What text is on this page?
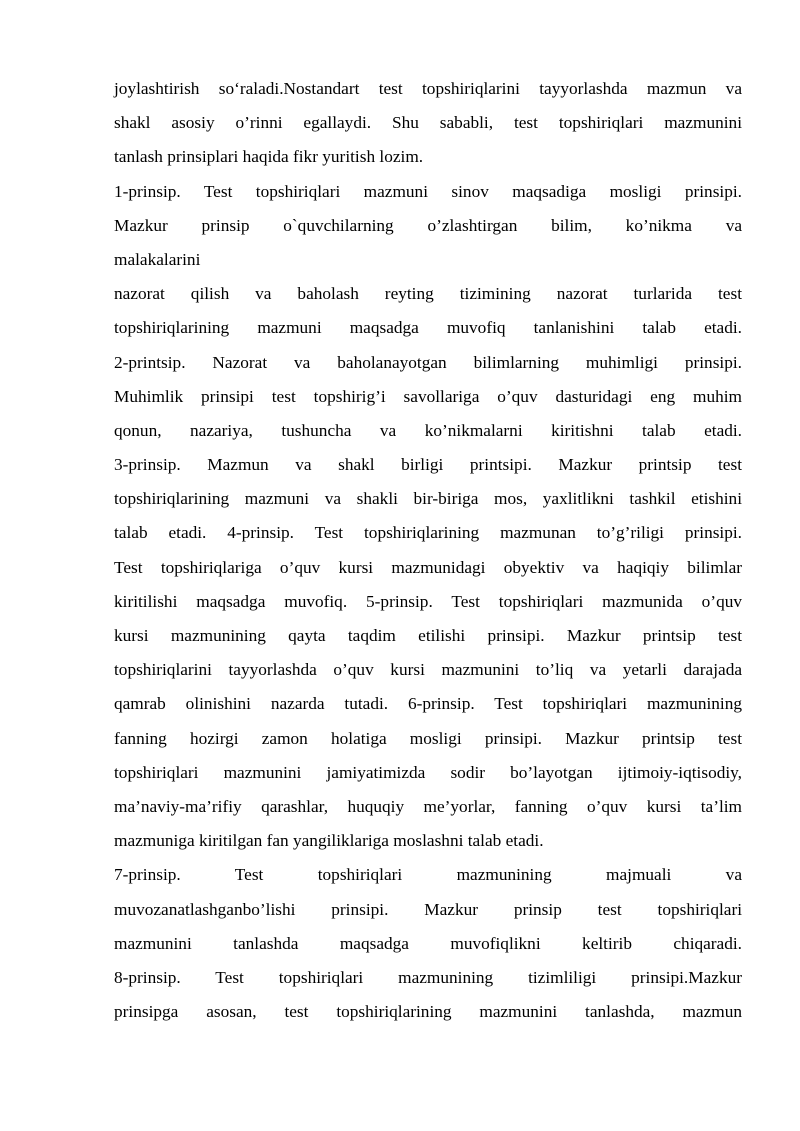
joylashtirish so‘raladi.Nostandart test topshiriqlarini tayyorlashda mazmun va
shakl asosiy o’rinni egallaydi. Shu sababli, test topshiriqlari mazmunini
tanlash prinsiplari haqida fikr yuritish lozim.
1-prinsip. Test topshiriqlari mazmuni sinov maqsadiga mosligi prinsipi.
Mazkur prinsip o`quvchilarning o’zlashtirgan bilim, ko’nikma va
malakalarini
nazorat qilish va baholash reyting tizimining nazorat turlarida test
topshiriqlarining mazmuni maqsadga muvofiq tanlanishini talab etadi.
2-printsip. Nazorat va baholanayotgan bilimlarning muhimligi prinsipi.
Muhimlik prinsipi test topshirig’i savollariga o’quv dasturidagi eng muhim
qonun, nazariya, tushuncha va ko’nikmalarni kiritishni talab etadi.
3-prinsip. Mazmun va shakl birligi printsipi. Mazkur printsip test
topshiriqlarining mazmuni va shakli bir-biriga mos, yaxlitlikni tashkil etishini
talab etadi. 4-prinsip. Test topshiriqlarining mazmunan to’g’riligi prinsipi.
Test topshiriqlariga o’quv kursi mazmunidagi obyektiv va haqiqiy bilimlar
kiritilishi maqsadga muvofiq. 5-prinsip. Test topshiriqlari mazmunida o’quv
kursi mazmunining qayta taqdim etilishi prinsipi. Mazkur printsip test
topshiriqlarini tayyorlashda o’quv kursi mazmunini to’liq va yetarli darajada
qamrab olinishini nazarda tutadi. 6-prinsip. Test topshiriqlari mazmunining
fanning hozirgi zamon holatiga mosligi prinsipi. Mazkur printsip test
topshiriqlari mazmunini jamiyatimizda sodir bo’layotgan ijtimoiy-iqtisodiy,
ma’naviy-ma’rifiy qarashlar, huquqiy me’yorlar, fanning o’quv kursi ta’lim
mazmuniga kiritilgan fan yangiliklariga moslashni talab etadi.
7-prinsip. Test topshiriqlari mazmunining majmuali va
muvozanatlashganbo’lishi prinsipi. Mazkur prinsip test topshiriqlari
mazmunini tanlashda maqsadga muvofiqlikni keltirib chiqaradi.
8-prinsip. Test topshiriqlari mazmunining tizimliligi prinsipi.Mazkur
prinsipga asosan, test topshiriqlarining mazmunini tanlashda, mazmun
